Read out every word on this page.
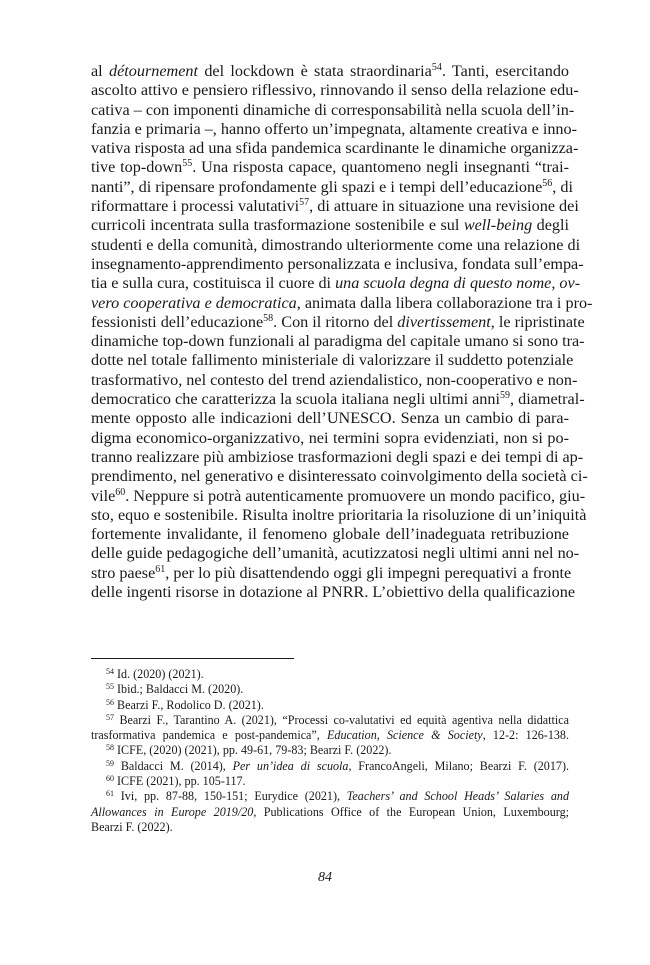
al détournement del lockdown è stata straordinaria$^{54}$. Tanti, esercitando
ascolto attivo e pensiero riflessivo, rinnovando il senso della relazione edu-
cativa – con imponenti dinamiche di corresponsabilità nella scuola dell’in-
fanzia e primaria –, hanno offerto un’impegnata, altamente creativa e inno-
vativa risposta ad una sfida pandemica scardinante le dinamiche organizza-
tive top-down$^{55}$. Una risposta capace, quantomeno negli insegnanti “trai-
nanti”, di ripensare profondamente gli spazi e i tempi dell’educazione$^{56}$, di
riformattare i processi valutativi$^{57}$, di attuare in situazione una revisione dei
curricoli incentrata sulla trasformazione sostenibile e sul well-being degli
studenti e della comunità, dimostrando ulteriormente come una relazione di
insegnamento-apprendimento personalizzata e inclusiva, fondata sull’empa-
tia e sulla cura, costituisca il cuore di una scuola degna di questo nome, ov-
vero cooperativa e democratica, animata dalla libera collaborazione tra i pro-
fessionisti dell’educazione$^{58}$. Con il ritorno del divertissement, le ripristinate
dinamiche top-down funzionali al paradigma del capitale umano si sono tra-
dotte nel totale fallimento ministeriale di valorizzare il suddetto potenziale
trasformativo, nel contesto del trend aziendalistico, non-cooperativo e non-
democratico che caratterizza la scuola italiana negli ultimi anni$^{59}$, diametral-
mente opposto alle indicazioni dell’UNESCO. Senza un cambio di para-
digma economico-organizzativo, nei termini sopra evidenziati, non si po-
tranno realizzare più ambiziose trasformazioni degli spazi e dei tempi di ap-
prendimento, nel generativo e disinteressato coinvolgimento della società ci-
vile$^{60}$. Neppure si potrà autenticamente promuovere un mondo pacifico, giu-
sto, equo e sostenibile. Risulta inoltre prioritaria la risoluzione di un’iniquità
fortemente invalidante, il fenomeno globale dell’inadeguata retribuzione
delle guide pedagogiche dell’umanità, acutizzatosi negli ultimi anni nel no-
stro paese$^{61}$, per lo più disattendendo oggi gli impegni perequativi a fronte
delle ingenti risorse in dotazione al PNRR. L’obiettivo della qualificazione
$^{54}$ Id. (2020) (2021).
$^{55}$ Ibid.; Baldacci M. (2020).
$^{56}$ Bearzi F., Rodolico D. (2021).
$^{57}$ Bearzi F., Tarantino A. (2021), “Processi co-valutativi ed equità agentiva nella didattica
trasformativa pandemica e post-pandemica”, Education, Science & Society, 12-2: 126-138.
$^{58}$ ICFE, (2020) (2021), pp. 49-61, 79-83; Bearzi F. (2022).
$^{59}$ Baldacci M. (2014), Per un’idea di scuola, FrancoAngeli, Milano; Bearzi F. (2017).
$^{60}$ ICFE (2021), pp. 105-117.
$^{61}$ Ivi, pp. 87-88, 150-151; Eurydice (2021), Teachers’ and School Heads’ Salaries and
Allowances in Europe 2019/20, Publications Office of the European Union, Luxembourg;
Bearzi F. (2022).
84
